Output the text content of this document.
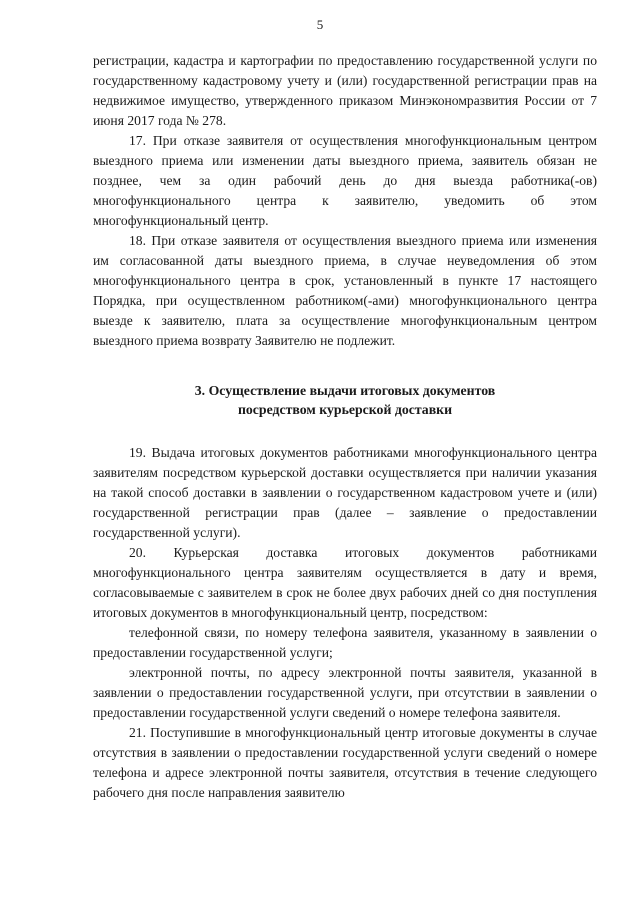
5

регистрации, кадастра и картографии по предоставлению государственной услуги по государственному кадастровому учету и (или) государственной регистрации прав на недвижимое имущество, утвержденного приказом Минэкономразвития России от 7 июня 2017 года № 278.

17. При отказе заявителя от осуществления многофункциональным центром выездного приема или изменении даты выездного приема, заявитель обязан не позднее, чем за один рабочий день до дня выезда работника(-ов) многофункционального центра к заявителю, уведомить об этом многофункциональный центр.

18. При отказе заявителя от осуществления выездного приема или изменения им согласованной даты выездного приема, в случае неуведомления об этом многофункционального центра в срок, установленный в пункте 17 настоящего Порядка, при осуществленном работником(-ами) многофункционального центра выезде к заявителю, плата за осуществление многофункциональным центром выездного приема возврату Заявителю не подлежит.

3. Осуществление выдачи итоговых документов
посредством курьерской доставки

19. Выдача итоговых документов работниками многофункционального центра заявителям посредством курьерской доставки осуществляется при наличии указания на такой способ доставки в заявлении о государственном кадастровом учете и (или) государственной регистрации прав (далее – заявление о предоставлении государственной услуги).

20. Курьерская доставка итоговых документов работниками многофункционального центра заявителям осуществляется в дату и время, согласовываемые с заявителем в срок не более двух рабочих дней со дня поступления итоговых документов в многофункциональный центр, посредством:

телефонной связи, по номеру телефона заявителя, указанному в заявлении о предоставлении государственной услуги;

электронной почты, по адресу электронной почты заявителя, указанной в заявлении о предоставлении государственной услуги, при отсутствии в заявлении о предоставлении государственной услуги сведений о номере телефона заявителя.

21. Поступившие в многофункциональный центр итоговые документы в случае отсутствия в заявлении о предоставлении государственной услуги сведений о номере телефона и адресе электронной почты заявителя, отсутствия в течение следующего рабочего дня после направления заявителю
